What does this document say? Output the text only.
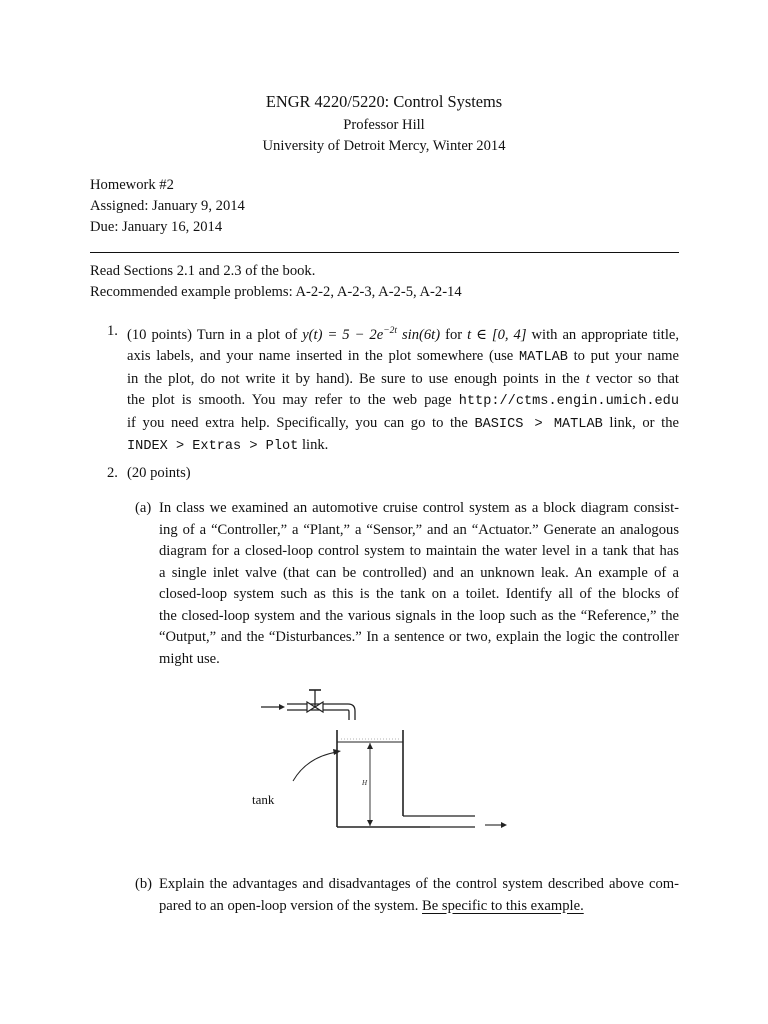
ENGR 4220/5220: Control Systems
Professor Hill
University of Detroit Mercy, Winter 2014
Homework #2
Assigned: January 9, 2014
Due: January 16, 2014
Read Sections 2.1 and 2.3 of the book.
Recommended example problems: A-2-2, A-2-3, A-2-5, A-2-14
1. (10 points) Turn in a plot of $y(t) = 5 - 2e^{-2t}$ sin(6t) for t ∈ [0, 4] with an appropriate title,
axis labels, and your name inserted in the plot somewhere (use MATLAB to put your name
in the plot, do not write it by hand). Be sure to use enough points in the t vector so that
the plot is smooth. You may refer to the web page http://ctms.engin.umich.edu
if you need extra help. Specifically, you can go to the BASICS > MATLAB link, or the
INDEX > Extras > Plot link.
2. (20 points)
(a) In class we examined an automotive cruise control system as a block diagram consist-
ing of a “Controller,” a “Plant,” a “Sensor,” and an “Actuator.” Generate an analogous
diagram for a closed-loop control system to maintain the water level in a tank that has
a single inlet valve (that can be controlled) and an unknown leak. An example of a
closed-loop system such as this is the tank on a toilet. Identify all of the blocks of
the closed-loop system and the various signals in the loop such as the “Reference,” the
“Output,” and the “Disturbances.” In a sentence or two, explain the logic the controller
might use.
H
tank
(b) Explain the advantages and disadvantages of the control system described above com-
pared to an open-loop version of the system. Be specific to this example.
